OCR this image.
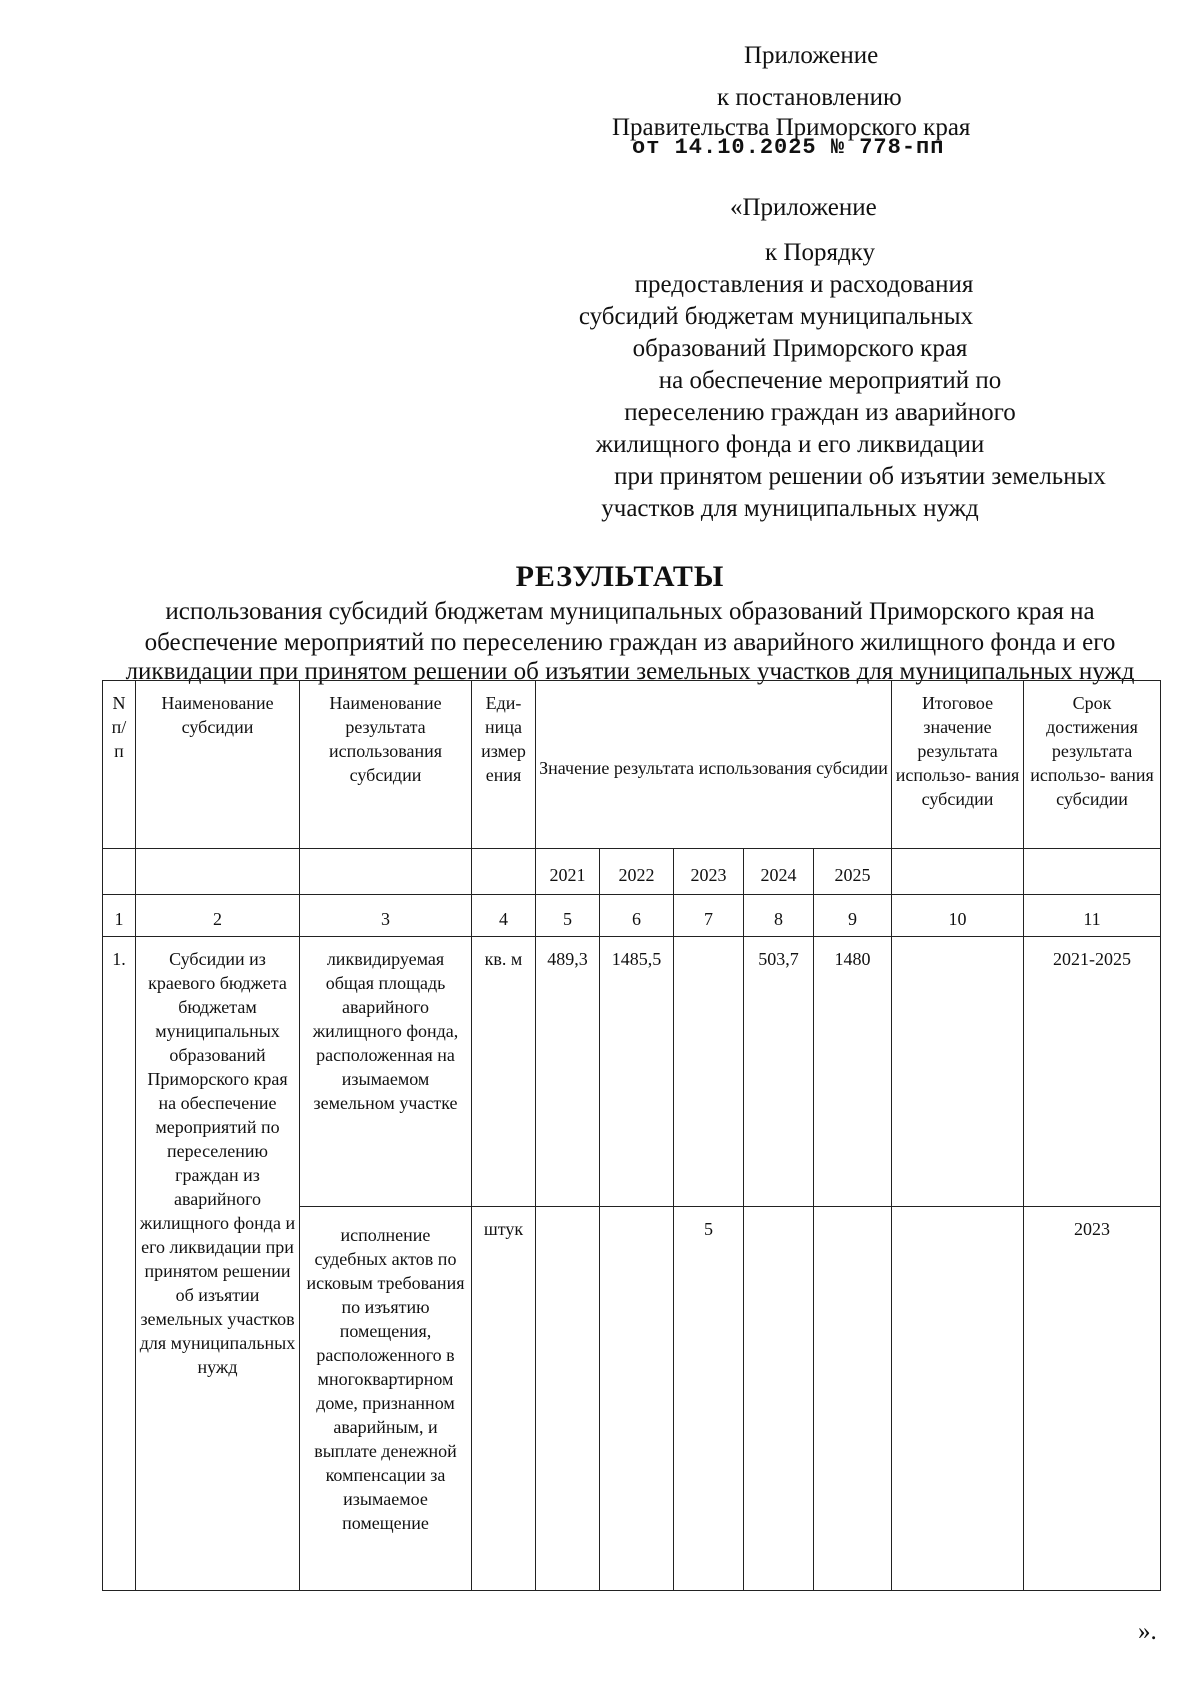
Приложение
к постановлению
Правительства Приморского края
от 14.10.2025 № 778-пп
«Приложение
к Порядку
предоставления и расходования
субсидий бюджетам муниципальных
образований Приморского края
на обеспечение мероприятий по
переселению граждан из аварийного
жилищного фонда и его ликвидации
при принятом решении об изъятии земельных
участков для муниципальных нужд
РЕЗУЛЬТАТЫ
использования субсидий бюджетам муниципальных образований Приморского края на
обеспечение мероприятий по переселению граждан из аварийного жилищного фонда и его
ликвидации при принятом решении об изъятии земельных участков для муниципальных нужд
N п/ п	Наименование субсидии	Наименование результата использования субсидии	Еди- ница измер ения	Значение результата использования субсидии					Итоговое значение результата использо- вания субсидии	Срок достижения результата использо- вания субсидии
				2021	2022	2023	2024	2025		
1	2	3	4	5	6	7	8	9	10	11
1.	Субсидии из краевого бюджета бюджетам муниципальных образований Приморского края на обеспечение мероприятий по переселению граждан из аварийного жилищного фонда и его ликвидации при принятом решении об изъятии земельных участков для муниципальных нужд	ликвидируемая общая площадь аварийного жилищного фонда, расположенная на изымаемом земельном участке	кв. м	489,3	1485,5		503,7	1480		2021-2025
		исполнение судебных актов по исковым требования по изъятию помещения, расположенного в многоквартирном доме, признанном аварийным, и выплате денежной компенсации за изымаемое помещение	штук			5				2023
».
